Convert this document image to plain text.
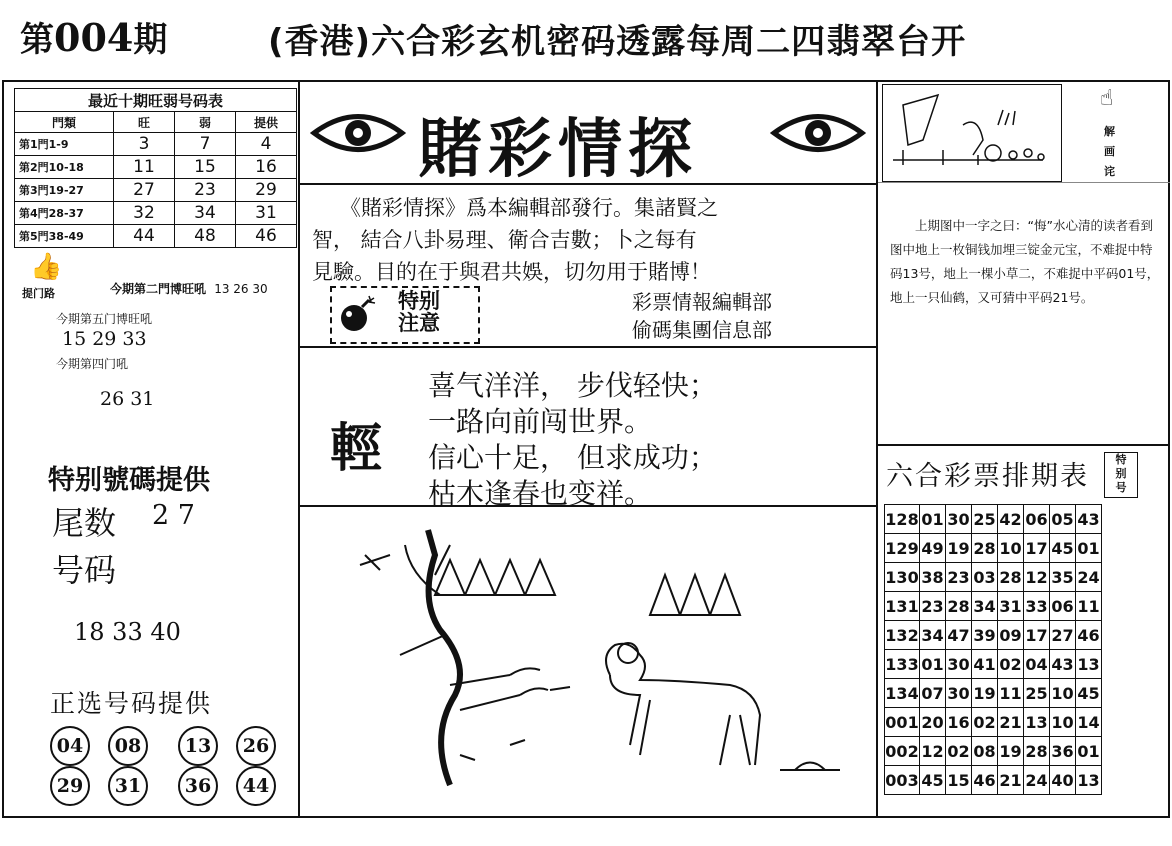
第004期	(香港)六合彩玄机密码透露每周二四翡翠台开
最近十期旺弱号码表			
門類	旺	弱	提供
第1門1-9	3	7	4
第2門10-18	11	15	16
第3門19-27	27	23	29
第4門28-37	32	34	31
第5門38-49	44	48	46
👍
提门路	今期第二門博旺吼 13 26 30
今期第五门博旺吼
15 29 33
今期第四门吼
26 31
特别號碼提供
尾数 2 7
号码
18 33 40
正选号码提供
04	08	13	26
29	31	36	44
賭彩情探
《賭彩情探》爲本編輯部發行。集諸賢之
智， 結合八卦易理、衛合吉數；卜之每有
見驗。目的在于與君共娛，切勿用于賭博！
特别
注意
彩票情報編輯部
偷碼集團信息部
輕
喜气洋洋， 步伐轻快；
一路向前闯世界。
信心十足， 但求成功；
枯木逢春也变祥。
☝
解
画
诧
上期图中一字之曰：“悔”水心清的读者看到图中地上一枚铜钱加埋三锭金元宝，不难捉中特码13号，地上一棵小草二，不难捉中平码01号，地上一只仙鹤，又可猜中平码21号。
六合彩票排期表
特
别
号
128	01	30	25	42	06	05	43
129	49	19	28	10	17	45	01
130	38	23	03	28	12	35	24
131	23	28	34	31	33	06	11
132	34	47	39	09	17	27	46
133	01	30	41	02	04	43	13
134	07	30	19	11	25	10	45
001	20	16	02	21	13	10	14
002	12	02	08	19	28	36	01
003	45	15	46	21	24	40	13
